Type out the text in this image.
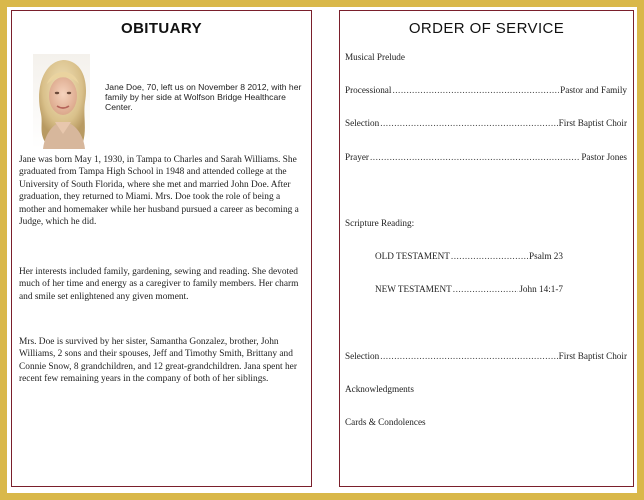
OBITUARY
Jane Doe, 70, left us on November 8 2012, with her family by her side at Wolfson Bridge Healthcare Center.

Jane was born May 1, 1930, in Tampa to Charles and Sarah Williams. She graduated from Tampa High School in 1948 and attended college at the University of South Florida, where she met and married John Doe. After graduation, they returned to Miami. Mrs. Doe took the role of being a mother and homemaker while her husband pursued a career as becoming a Judge, which he did.

Her interests included family, gardening, sewing and reading. She devoted much of her time and energy as a caregiver to family members. Her charm and smile set enlightened any given moment.

Mrs. Doe is survived by her sister, Samantha Gonzalez, brother, John Williams, 2 sons and their spouses, Jeff and Timothy Smith, Brittany and Connie Snow, 8 grandchildren, and 12 great-grandchildren. Jana spent her recent few remaining years in the company of both of her siblings.

ORDER OF SERVICE
Musical Prelude
Processional .....	Pastor and Family
Selection .....	First Baptist Choir
Prayer .....	Pastor Jones
Scripture Reading:
OLD TESTAMENT .....	Psalm 23
NEW TESTAMENT .....	John 14:1-7
Selection .....	First Baptist Choir
Acknowledgments
Cards & Condolences
